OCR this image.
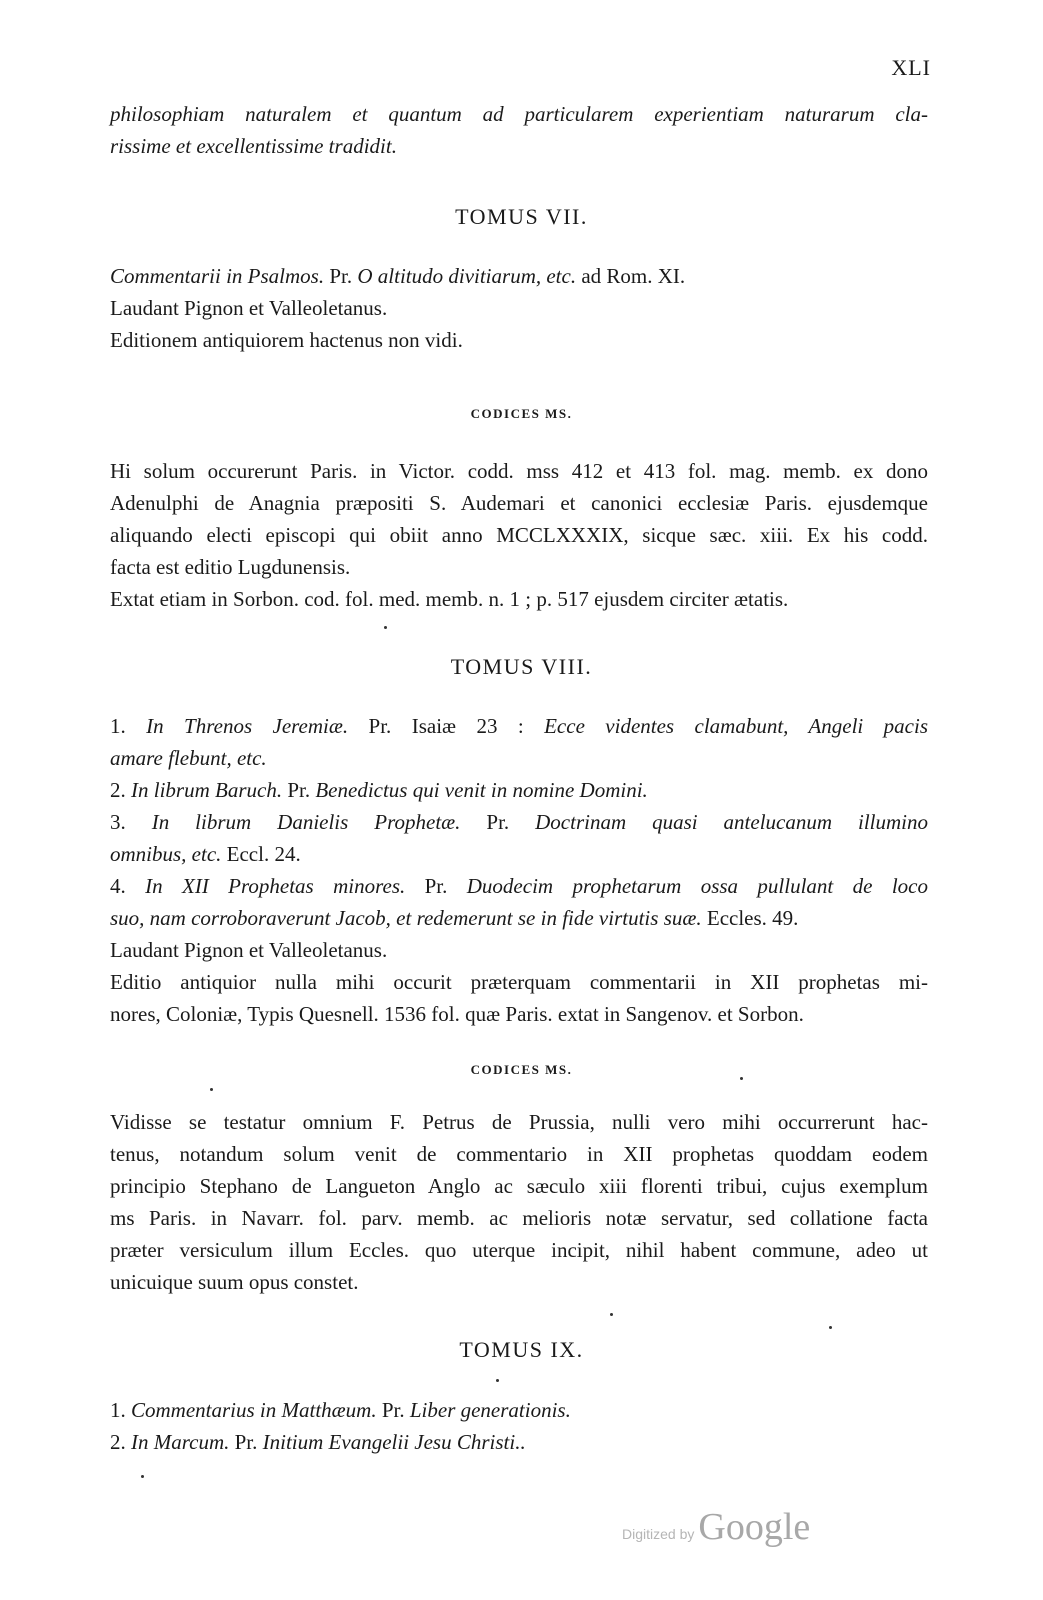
XLI

philosophiam naturalem et quantum ad particularem experientiam naturarum cla-

rissime et excellentissime tradidit.

TOMUS VII.

Commentarii in Psalmos. Pr. O altitudo divitiarum, etc. ad Rom. XI.

Laudant Pignon et Valleoletanus.

Editionem antiquiorem hactenus non vidi.

CODICES MS.

Hi solum occurerunt Paris. in Victor. codd. mss 412 et 413 fol. mag. memb. ex dono

Adenulphi de Anagnia præpositi S. Audemari et canonici ecclesiæ Paris. ejusdemque

aliquando electi episcopi qui obiit anno MCCLXXXIX, sicque sæc. xiii. Ex his codd.

facta est editio Lugdunensis.

Extat etiam in Sorbon. cod. fol. med. memb. n. 1 ; p. 517 ejusdem circiter ætatis.

TOMUS VIII.

1. In Threnos Jeremiæ. Pr. Isaiæ 23 : Ecce videntes clamabunt, Angeli pacis

amare flebunt, etc.

2. In librum Baruch. Pr. Benedictus qui venit in nomine Domini.

3. In librum Danielis Prophetæ. Pr. Doctrinam quasi antelucanum illumino

omnibus, etc. Eccl. 24.

4. In XII Prophetas minores. Pr. Duodecim prophetarum ossa pullulant de loco

suo, nam corroboraverunt Jacob, et redemerunt se in fide virtutis suæ. Eccles. 49.

Laudant Pignon et Valleoletanus.

Editio antiquior nulla mihi occurit præterquam commentarii in XII prophetas mi-

nores, Coloniæ, Typis Quesnell. 1536 fol. quæ Paris. extat in Sangenov. et Sorbon.

CODICES MS.

Vidisse se testatur omnium F. Petrus de Prussia, nulli vero mihi occurrerunt hac-

tenus, notandum solum venit de commentario in XII prophetas quoddam eodem

principio Stephano de Langueton Anglo ac sæculo xiii florenti tribui, cujus exemplum

ms Paris. in Navarr. fol. parv. memb. ac melioris notæ servatur, sed collatione facta

præter versiculum illum Eccles. quo uterque incipit, nihil habent commune, adeo ut

unicuique suum opus constet.

TOMUS IX.

1. Commentarius in Matthæum. Pr. Liber generationis.

2. In Marcum. Pr. Initium Evangelii Jesu Christi..

Digitized by Google
